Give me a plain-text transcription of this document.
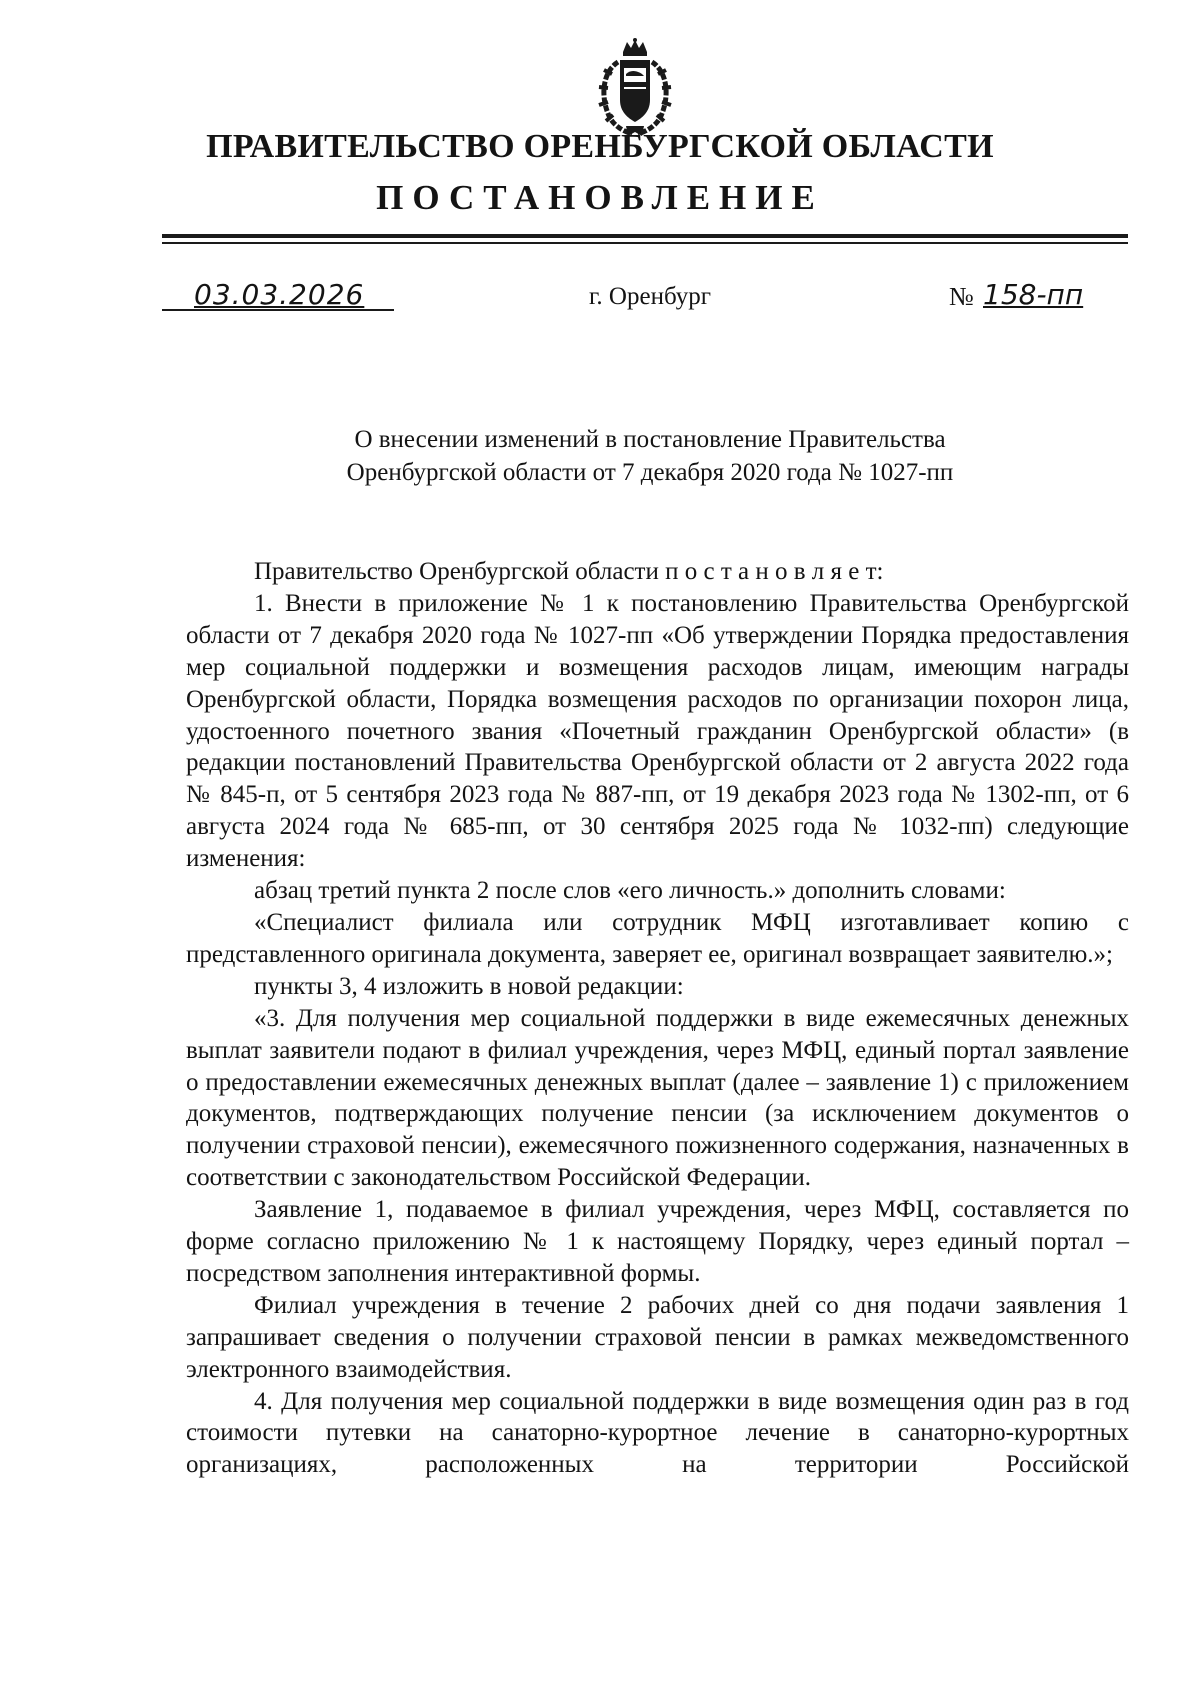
ПРАВИТЕЛЬСТВО ОРЕНБУРГСКОЙ ОБЛАСТИ
ПОСТАНОВЛЕНИЕ
03.03.2026	г. Оренбург	№ 158-пп
О внесении изменений в постановление Правительства
Оренбургской области от 7 декабря 2020 года № 1027-пп

Правительство Оренбургской области п о с т а н о в л я е т:

1. Внести в приложение № 1 к постановлению Правительства Оренбургской области от 7 декабря 2020 года № 1027-пп «Об утверждении Порядка предоставления мер социальной поддержки и возмещения расходов лицам, имеющим награды Оренбургской области, Порядка возмещения расходов по организации похорон лица, удостоенного почетного звания «Почетный гражданин Оренбургской области» (в редакции постановлений Правительства Оренбургской области от 2 августа 2022 года № 845-п, от 5 сентября 2023 года № 887-пп, от 19 декабря 2023 года № 1302-пп, от 6 августа 2024 года № 685-пп, от 30 сентября 2025 года № 1032-пп) следующие изменения:

абзац третий пункта 2 после слов «его личность.» дополнить словами:

«Специалист филиала или сотрудник МФЦ изготавливает копию с представленного оригинала документа, заверяет ее, оригинал возвращает заявителю.»;

пункты 3, 4 изложить в новой редакции:

«3. Для получения мер социальной поддержки в виде ежемесячных денежных выплат заявители подают в филиал учреждения, через МФЦ, единый портал заявление о предоставлении ежемесячных денежных выплат (далее – заявление 1) с приложением документов, подтверждающих получение пенсии (за исключением документов о получении страховой пенсии), ежемесячного пожизненного содержания, назначенных в соответствии с законодательством Российской Федерации.

Заявление 1, подаваемое в филиал учреждения, через МФЦ, составляется по форме согласно приложению № 1 к настоящему Порядку, через единый портал – посредством заполнения интерактивной формы.

Филиал учреждения в течение 2 рабочих дней со дня подачи заявления 1 запрашивает сведения о получении страховой пенсии в рамках межведомственного электронного взаимодействия.

4. Для получения мер социальной поддержки в виде возмещения один раз в год стоимости путевки на санаторно-курортное лечение в санаторно-курортных организациях, расположенных на территории Российской
